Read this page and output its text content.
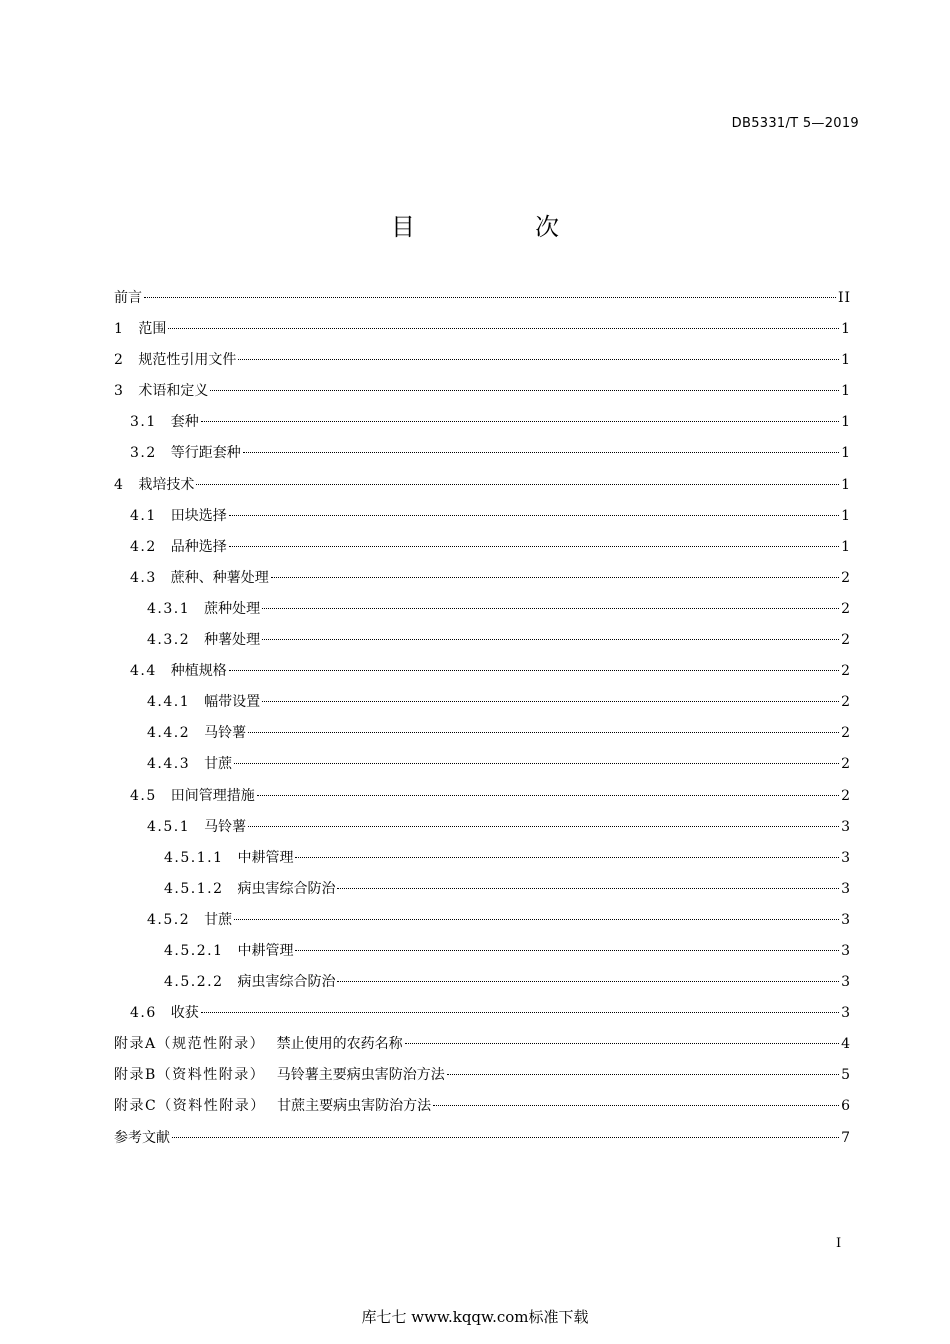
DB5331/T 5—2019
目　次
前言	II
1　 范围	1
2　 规范性引用文件	1
3　 术语和定义	1
3.1　 套种	1
3.2　 等行距套种	1
4　 栽培技术	1
4.1　 田块选择	1
4.2　 品种选择	1
4.3　 蔗种、种薯处理	2
4.3.1　 蔗种处理	2
4.3.2　 种薯处理	2
4.4　 种植规格	2
4.4.1　 幅带设置	2
4.4.2　 马铃薯	2
4.4.3　 甘蔗	2
4.5　 田间管理措施	2
4.5.1　 马铃薯	3
4.5.1.1　 中耕管理	3
4.5.1.2　 病虫害综合防治	3
4.5.2　 甘蔗	3
4.5.2.1　 中耕管理	3
4.5.2.2　 病虫害综合防治	3
4.6　 收获	3
附录A（规范性附录）　 禁止使用的农药名称	4
附录B（资料性附录）　 马铃薯主要病虫害防治方法	5
附录C（资料性附录）　 甘蔗主要病虫害防治方法	6
参考文献	7
I
库七七 www.kqqw.com标准下载
